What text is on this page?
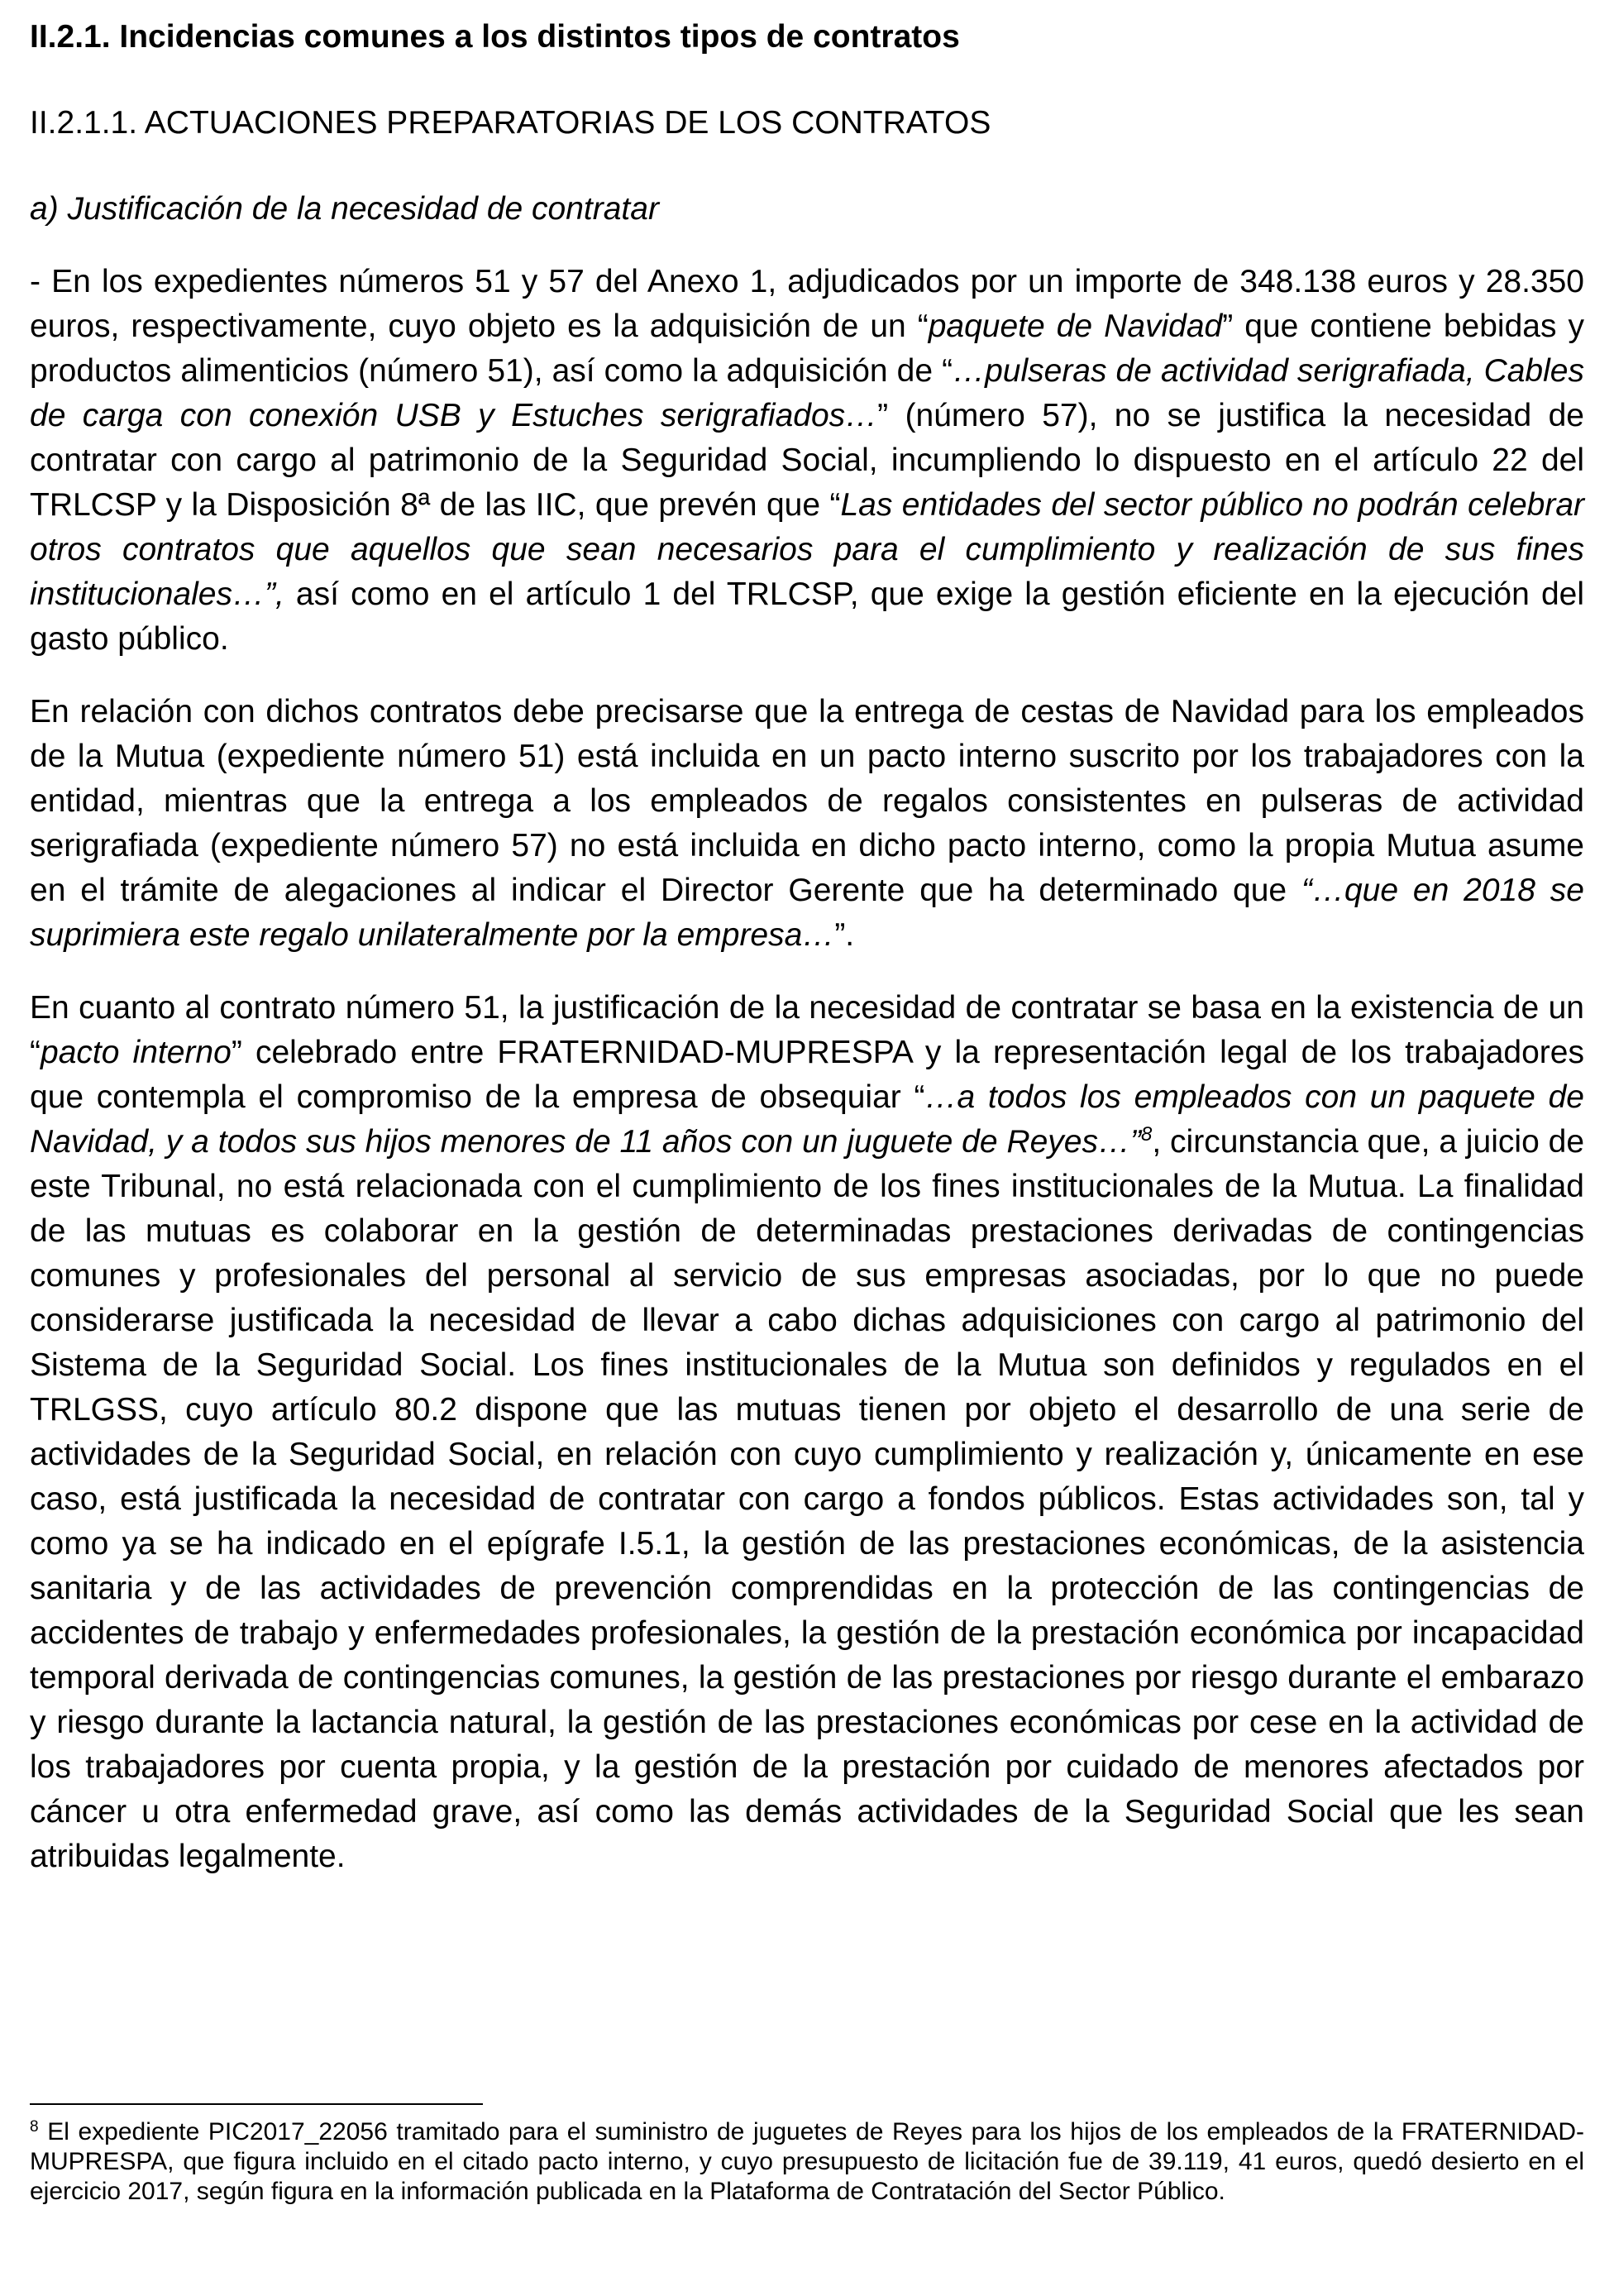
II.2.1. Incidencias comunes a los distintos tipos de contratos
II.2.1.1. ACTUACIONES PREPARATORIAS DE LOS CONTRATOS
a) Justificación de la necesidad de contratar

- En los expedientes números 51 y 57 del Anexo 1, adjudicados por un importe de 348.138 euros y 28.350 euros, respectivamente, cuyo objeto es la adquisición de un “paquete de Navidad” que contiene bebidas y productos alimenticios (número 51), así como la adquisición de “…pulseras de actividad serigrafiada, Cables de carga con conexión USB y Estuches serigrafiados…” (número 57), no se justifica la necesidad de contratar con cargo al patrimonio de la Seguridad Social, incumpliendo lo dispuesto en el artículo 22 del TRLCSP y la Disposición 8ª de las IIC, que prevén que “Las entidades del sector público no podrán celebrar otros contratos que aquellos que sean necesarios para el cumplimiento y realización de sus fines institucionales…”, así como en el artículo 1 del TRLCSP, que exige la gestión eficiente en la ejecución del gasto público.

En relación con dichos contratos debe precisarse que la entrega de cestas de Navidad para los empleados de la Mutua (expediente número 51) está incluida en un pacto interno suscrito por los trabajadores con la entidad, mientras que la entrega a los empleados de regalos consistentes en pulseras de actividad serigrafiada (expediente número 57) no está incluida en dicho pacto interno, como la propia Mutua asume en el trámite de alegaciones al indicar el Director Gerente que ha determinado que “…que en 2018 se suprimiera este regalo unilateralmente por la empresa…”.

En cuanto al contrato número 51, la justificación de la necesidad de contratar se basa en la existencia de un “pacto interno” celebrado entre FRATERNIDAD-MUPRESPA y la representación legal de los trabajadores que contempla el compromiso de la empresa de obsequiar “…a todos los empleados con un paquete de Navidad, y a todos sus hijos menores de 11 años con un juguete de Reyes…”$^8$, circunstancia que, a juicio de este Tribunal, no está relacionada con el cumplimiento de los fines institucionales de la Mutua. La finalidad de las mutuas es colaborar en la gestión de determinadas prestaciones derivadas de contingencias comunes y profesionales del personal al servicio de sus empresas asociadas, por lo que no puede considerarse justificada la necesidad de llevar a cabo dichas adquisiciones con cargo al patrimonio del Sistema de la Seguridad Social. Los fines institucionales de la Mutua son definidos y regulados en el TRLGSS, cuyo artículo 80.2 dispone que las mutuas tienen por objeto el desarrollo de una serie de actividades de la Seguridad Social, en relación con cuyo cumplimiento y realización y, únicamente en ese caso, está justificada la necesidad de contratar con cargo a fondos públicos. Estas actividades son, tal y como ya se ha indicado en el epígrafe I.5.1, la gestión de las prestaciones económicas, de la asistencia sanitaria y de las actividades de prevención comprendidas en la protección de las contingencias de accidentes de trabajo y enfermedades profesionales, la gestión de la prestación económica por incapacidad temporal derivada de contingencias comunes, la gestión de las prestaciones por riesgo durante el embarazo y riesgo durante la lactancia natural, la gestión de las prestaciones económicas por cese en la actividad de los trabajadores por cuenta propia, y la gestión de la prestación por cuidado de menores afectados por cáncer u otra enfermedad grave, así como las demás actividades de la Seguridad Social que les sean atribuidas legalmente.

$^8$ El expediente PIC2017_22056 tramitado para el suministro de juguetes de Reyes para los hijos de los empleados de la FRATERNIDAD-MUPRESPA, que figura incluido en el citado pacto interno, y cuyo presupuesto de licitación fue de 39.119, 41 euros, quedó desierto en el ejercicio 2017, según figura en la información publicada en la Plataforma de Contratación del Sector Público.
